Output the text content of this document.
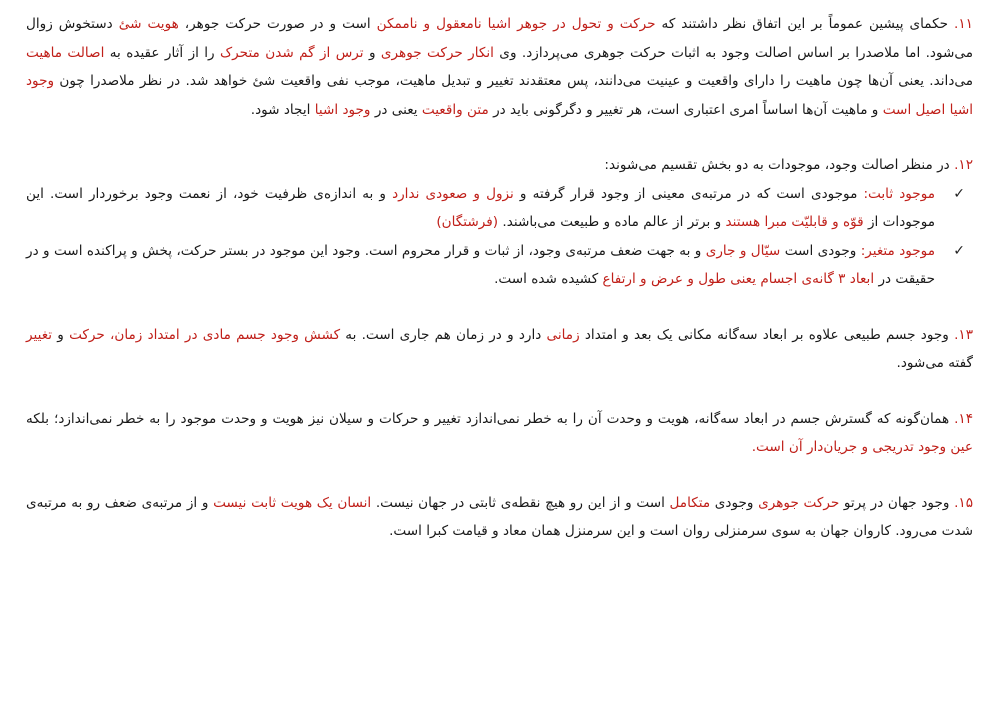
۱۱. حکمای پیشین عموماً بر این اتفاق نظر داشتند که حرکت و تحول در جوهر اشیا نامعقول و ناممکن است و در صورت حرکت جوهر، هویت شئ دستخوش زوال می‌شود. اما ملاصدرا بر اساس اصالت وجود به اثبات حرکت جوهری می‌پردازد. وی انکار حرکت جوهری و ترس از گم شدن متحرک را از آثار عقیده به اصالت ماهیت می‌داند. یعنی آن‌ها چون ماهیت را دارای واقعیت و عینیت می‌دانند، پس معتقدند تغییر و تبدیل ماهیت، موجب نفی واقعیت شئ خواهد شد. در نظر ملاصدرا چون وجود اشیا اصیل است و ماهیت آن‌ها اساساً امری اعتباری است، هر تغییر و دگرگونی باید در متن واقعیت یعنی در وجود اشیا ایجاد شود.

۱۲. در منظر اصالت وجود، موجودات به دو بخش تقسیم می‌شوند:

✓
موجود ثابت: موجودی است که در مرتبه‌ی معینی از وجود قرار گرفته و نزول و صعودی ندارد و به اندازه‌ی ظرفیت خود، از نعمت وجود برخوردار است. این موجودات از قوّه و قابلیّت مبرا هستند و برتر از عالم ماده و طبیعت می‌باشند. (فرشتگان)
✓
موجود متغیر: وجودی است سیّال و جاری و به جهت ضعف مرتبه‌ی وجود، از ثبات و قرار محروم است. وجود این موجود در بستر حرکت، پخش و پراکنده است و در حقیقت در ابعاد ۳ گانه‌ی اجسام یعنی طول و عرض و ارتفاع کشیده شده است.

۱۳. وجود جسم طبیعی علاوه بر ابعاد سه‌گانه مکانی یک بعد و امتداد زمانی دارد و در زمان هم جاری است. به کشش وجود جسم مادی در امتداد زمان، حرکت و تغییر گفته می‌شود.

۱۴. همان‌گونه که گسترش جسم در ابعاد سه‌گانه، هویت و وحدت آن را به خطر نمی‌اندازد تغییر و حرکات و سیلان نیز هویت و وحدت موجود را به خطر نمی‌اندازد؛ بلکه عین وجود تدریجی و جریان‌دار آن است.

۱۵. وجود جهان در پرتو حرکت جوهری وجودی متکامل است و از این رو هیچ نقطه‌ی ثابتی در جهان نیست. انسان یک هویت ثابت نیست و از مرتبه‌ی ضعف رو به مرتبه‌ی شدت می‌رود. کاروان جهان به سوی سرمنزلی روان است و این سرمنزل همان معاد و قیامت کبرا است.
